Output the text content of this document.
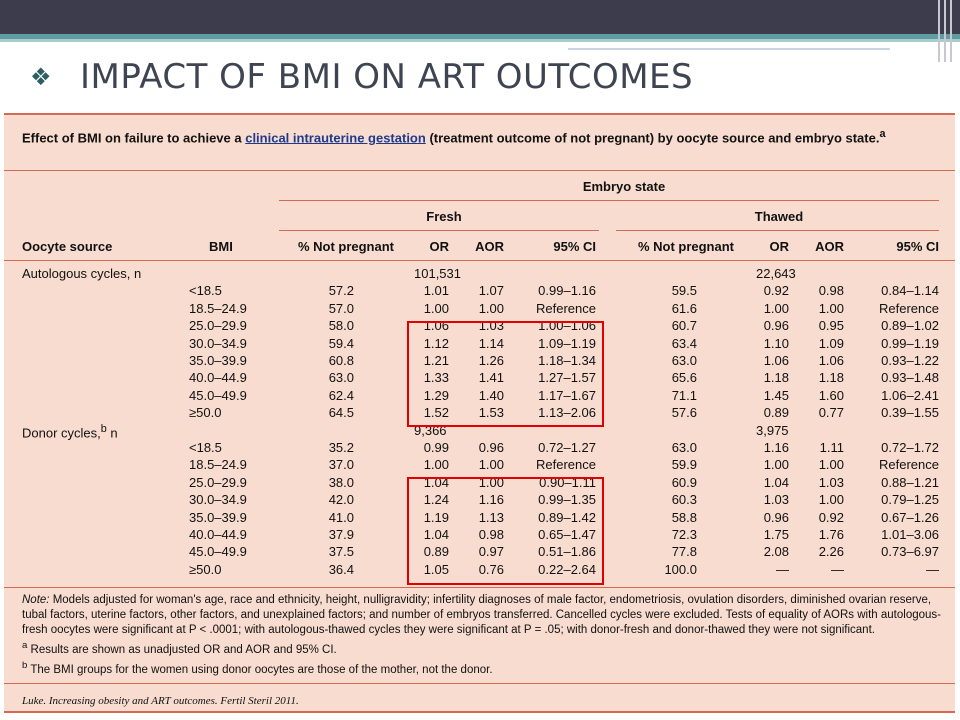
❖ IMPACT OF BMI ON ART OUTCOMES
Effect of BMI on failure to achieve a clinical intrauterine gestation (treatment outcome of not pregnant) by oocyte source and embryo state.$^a$
Embryo state
Fresh	Thawed
Oocyte source	BMI	% Not pregnant	OR	AOR	95% CI	% Not pregnant	OR	AOR	95% CI
Autologous cycles, n	101,531	22,643
<18.5	57.2	1.01	1.07	0.99–1.16	59.5	0.92	0.98	0.84–1.14
18.5–24.9	57.0	1.00	1.00	Reference	61.6	1.00	1.00	Reference
25.0–29.9	58.0	1.06	1.03	1.00–1.06	60.7	0.96	0.95	0.89–1.02
30.0–34.9	59.4	1.12	1.14	1.09–1.19	63.4	1.10	1.09	0.99–1.19
35.0–39.9	60.8	1.21	1.26	1.18–1.34	63.0	1.06	1.06	0.93–1.22
40.0–44.9	63.0	1.33	1.41	1.27–1.57	65.6	1.18	1.18	0.93–1.48
45.0–49.9	62.4	1.29	1.40	1.17–1.67	71.1	1.45	1.60	1.06–2.41
≥50.0	64.5	1.52	1.53	1.13–2.06	57.6	0.89	0.77	0.39–1.55
Donor cycles,$^b$ n	9,366	3,975
<18.5	35.2	0.99	0.96	0.72–1.27	63.0	1.16	1.11	0.72–1.72
18.5–24.9	37.0	1.00	1.00	Reference	59.9	1.00	1.00	Reference
25.0–29.9	38.0	1.04	1.00	0.90–1.11	60.9	1.04	1.03	0.88–1.21
30.0–34.9	42.0	1.24	1.16	0.99–1.35	60.3	1.03	1.00	0.79–1.25
35.0–39.9	41.0	1.19	1.13	0.89–1.42	58.8	0.96	0.92	0.67–1.26
40.0–44.9	37.9	1.04	0.98	0.65–1.47	72.3	1.75	1.76	1.01–3.06
45.0–49.9	37.5	0.89	0.97	0.51–1.86	77.8	2.08	2.26	0.73–6.97
≥50.0	36.4	1.05	0.76	0.22–2.64	100.0	—	—	—
Note: Models adjusted for woman's age, race and ethnicity, height, nulligravidity; infertility diagnoses of male factor, endometriosis, ovulation disorders, diminished ovarian reserve, tubal factors, uterine factors, other factors, and unexplained factors; and number of embryos transferred. Cancelled cycles were excluded. Tests of equality of AORs with autologous-fresh oocytes were significant at P < .0001; with autologous-thawed cycles they were significant at P = .05; with donor-fresh and donor-thawed they were not significant.
$^a$ Results are shown as unadjusted OR and AOR and 95% CI.
$^b$ The BMI groups for the women using donor oocytes are those of the mother, not the donor.
Luke. Increasing obesity and ART outcomes. Fertil Steril 2011.
